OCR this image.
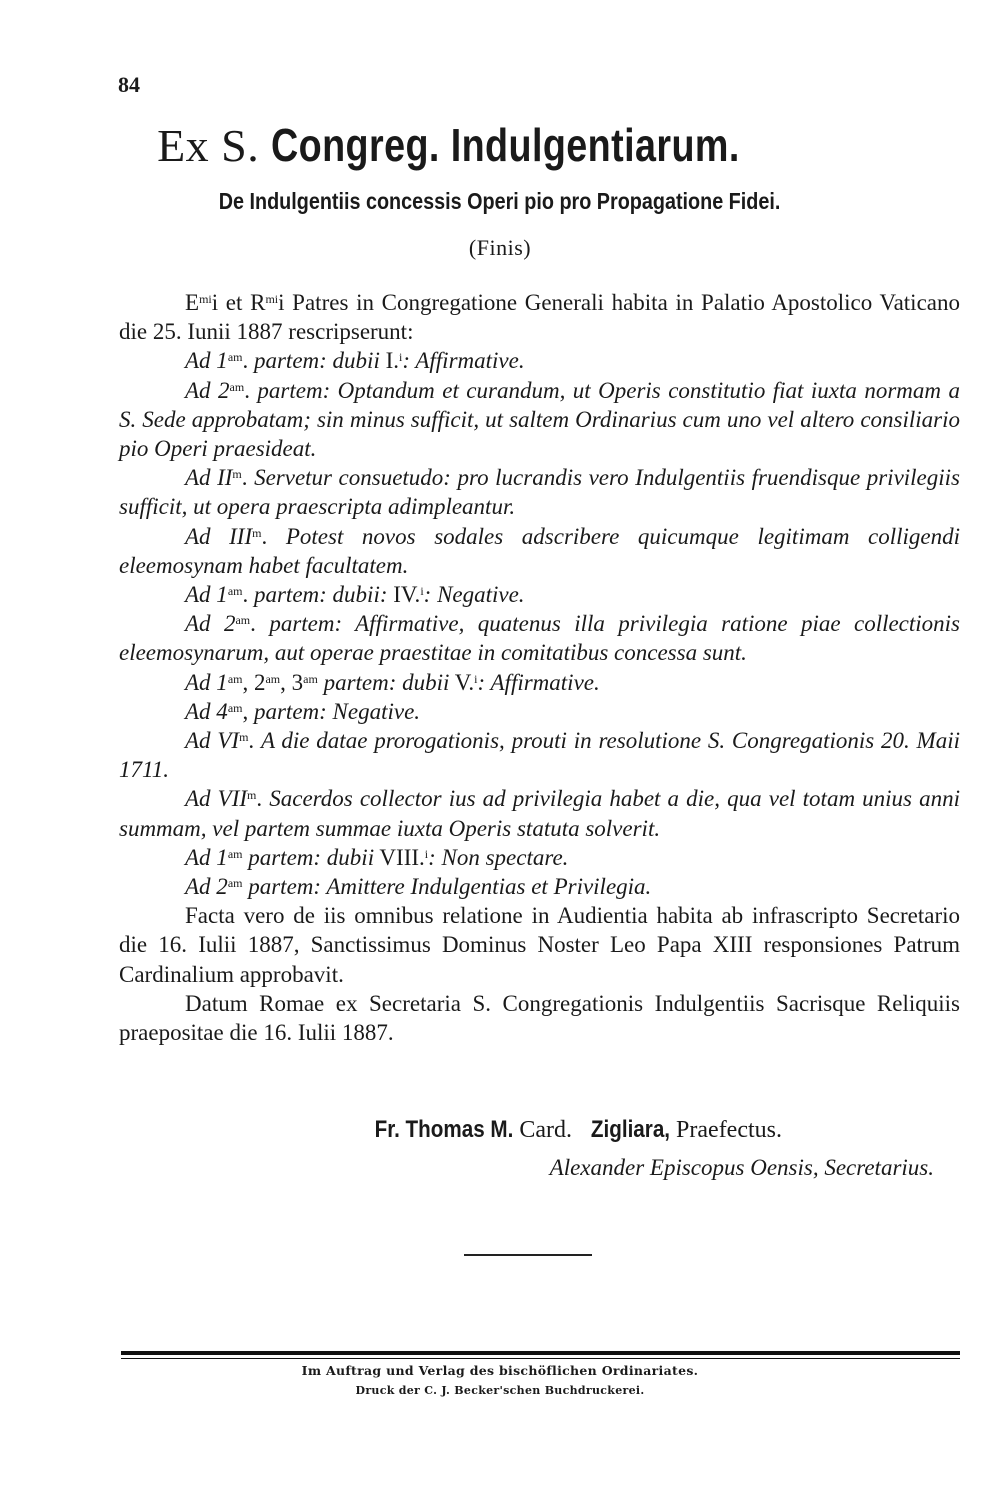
84
Ex S. Congreg. Indulgentiarum.
De Indulgentiis concessis Operi pio pro Propagatione Fidei.
(Finis)

$E^{mi}i$ et $R^{mi}i$ Patres in Congregatione Generali habita in Palatio Apostolico Vaticano die 25. Iunii 1887 rescripserunt:

Ad $1^{am}$. partem: dubii I.$^i$: Affirmative.

Ad $2^{am}$. partem: Optandum et curandum, ut Operis constitutio fiat iuxta normam a S. Sede approbatam; sin minus sufficit, ut saltem Ordinarius cum uno vel altero consiliario pio Operi praesideat.

Ad $II^m$. Servetur consuetudo: pro lucrandis vero Indulgentiis fruendisque privilegiis sufficit, ut opera praescripta adimpleantur.

Ad III$^m$. Potest novos sodales adscribere quicumque legitimam colligendi eleemosynam habet facultatem.

Ad $1^{am}$. partem: dubii: IV.$^i$: Negative.

Ad $2^{am}$. partem: Affirmative, quatenus illa privilegia ratione piae collectionis eleemosynarum, aut operae praestitae in comitatibus concessa sunt.

Ad $1^{am}$, $2^{am}$, $3^{am}$ partem: dubii V.$^i$: Affirmative.

Ad $4^{am}$, partem: Negative.

Ad $VI^m$. A die datae prorogationis, prouti in resolutione S. Congregationis 20. Maii 1711.

Ad VII$^m$. Sacerdos collector ius ad privilegia habet a die, qua vel totam unius anni summam, vel partem summae iuxta Operis statuta solverit.

Ad $1^{am}$ partem: dubii VIII.$^i$: Non spectare.

Ad $2^{am}$ partem: Amittere Indulgentias et Privilegia.

Facta vero de iis omnibus relatione in Audientia habita ab infrascripto Secretario die 16. Iulii 1887, Sanctissimus Dominus Noster Leo Papa XIII responsiones Patrum Cardinalium approbavit.

Datum Romae ex Secretaria S. Congregationis Indulgentiis Sacrisque Reliquiis praepositae die 16. Iulii 1887.

Fr. Thomas M. Card. Zigliara, Praefectus.
Alexander Episcopus Oensis, Secretarius.
Im Auftrag und Verlag des bischöflichen Ordinariates.
Druck der C. J. Becker'schen Buchdruckerei.
